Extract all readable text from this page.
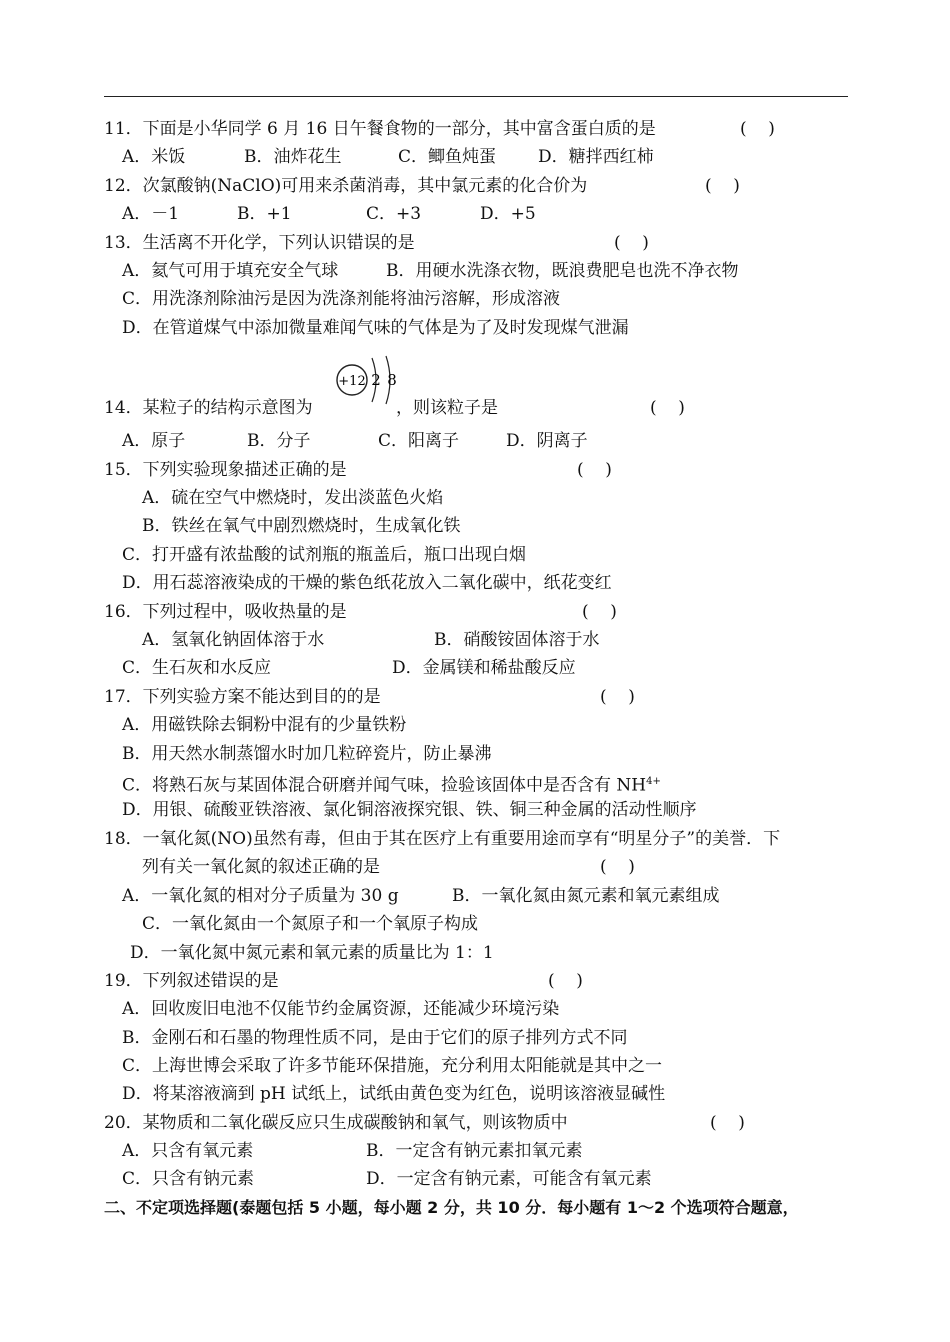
11．下面是小华同学 6 月 16 日午餐食物的一部分，其中富含蛋白质的是	(    )
A．米饭	B．油炸花生	C．鲫鱼炖蛋 D．糖拌西红柿
12．次氯酸钠(NaClO)可用来杀菌消毒，其中氯元素的化合价为	(    )
A．－1	B．+1	C．+3	D．+5
13．生活离不开化学，下列认识错误的是	(    )
A．氦气可用于填充安全气球	B．用硬水洗涤衣物，既浪费肥皂也洗不净衣物
C．用洗涤剂除油污是因为洗涤剂能将油污溶解，形成溶液
D．在管道煤气中添加微量难闻气味的气体是为了及时发现煤气泄漏
+12 2 8
14．某粒子的结构示意图为	，则该粒子是	(    )
A．原子	B．分子	C．阳离子	D．阴离子
15．下列实验现象描述正确的是	(    )
A．硫在空气中燃烧时，发出淡蓝色火焰
B．铁丝在氧气中剧烈燃烧时，生成氧化铁
C．打开盛有浓盐酸的试剂瓶的瓶盖后，瓶口出现白烟
D．用石蕊溶液染成的干燥的紫色纸花放入二氧化碳中，纸花变红
16．下列过程中，吸收热量的是	(    )
A．氢氧化钠固体溶于水	B．硝酸铵固体溶于水
C．生石灰和水反应	D．金属镁和稀盐酸反应
17．下列实验方案不能达到目的的是	(    )
A．用磁铁除去铜粉中混有的少量铁粉
B．用天然水制蒸馏水时加几粒碎瓷片，防止暴沸
C．将熟石灰与某固体混合研磨并闻气味，捡验该固体中是否含有 $NH^{4+}$
D．用银、硫酸亚铁溶液、氯化铜溶液探究银、铁、铜三种金属的活动性顺序
18．一氧化氮(NO)虽然有毒，但由于其在医疗上有重要用途而享有“明星分子”的美誉．下
列有关一氧化氮的叙述正确的是	(    )
A．一氧化氮的相对分子质量为 30 g	B．一氧化氮由氮元素和氧元素组成
C．一氧化氮由一个氮原子和一个氧原子构成
D．一氧化氮中氮元素和氧元素的质量比为 1：1
19．下列叙述错误的是	(    )
A．回收废旧电池不仅能节约金属资源，还能减少环境污染
B．金刚石和石墨的物理性质不同，是由于它们的原子排列方式不同
C．上海世博会采取了许多节能环保措施，充分利用太阳能就是其中之一
D．将某溶液滴到 pH 试纸上，试纸由黄色变为红色，说明该溶液显碱性
20．某物质和二氧化碳反应只生成碳酸钠和氧气，则该物质中	(    )
A．只含有氧元素	B．一定含有钠元素扣氧元素
C．只含有钠元素	D．一定含有钠元素，可能含有氧元素
二、不定项选择题(泰题包括 5 小题，每小题 2 分，共 10 分．每小题有 1～2 个选项符合题意，
